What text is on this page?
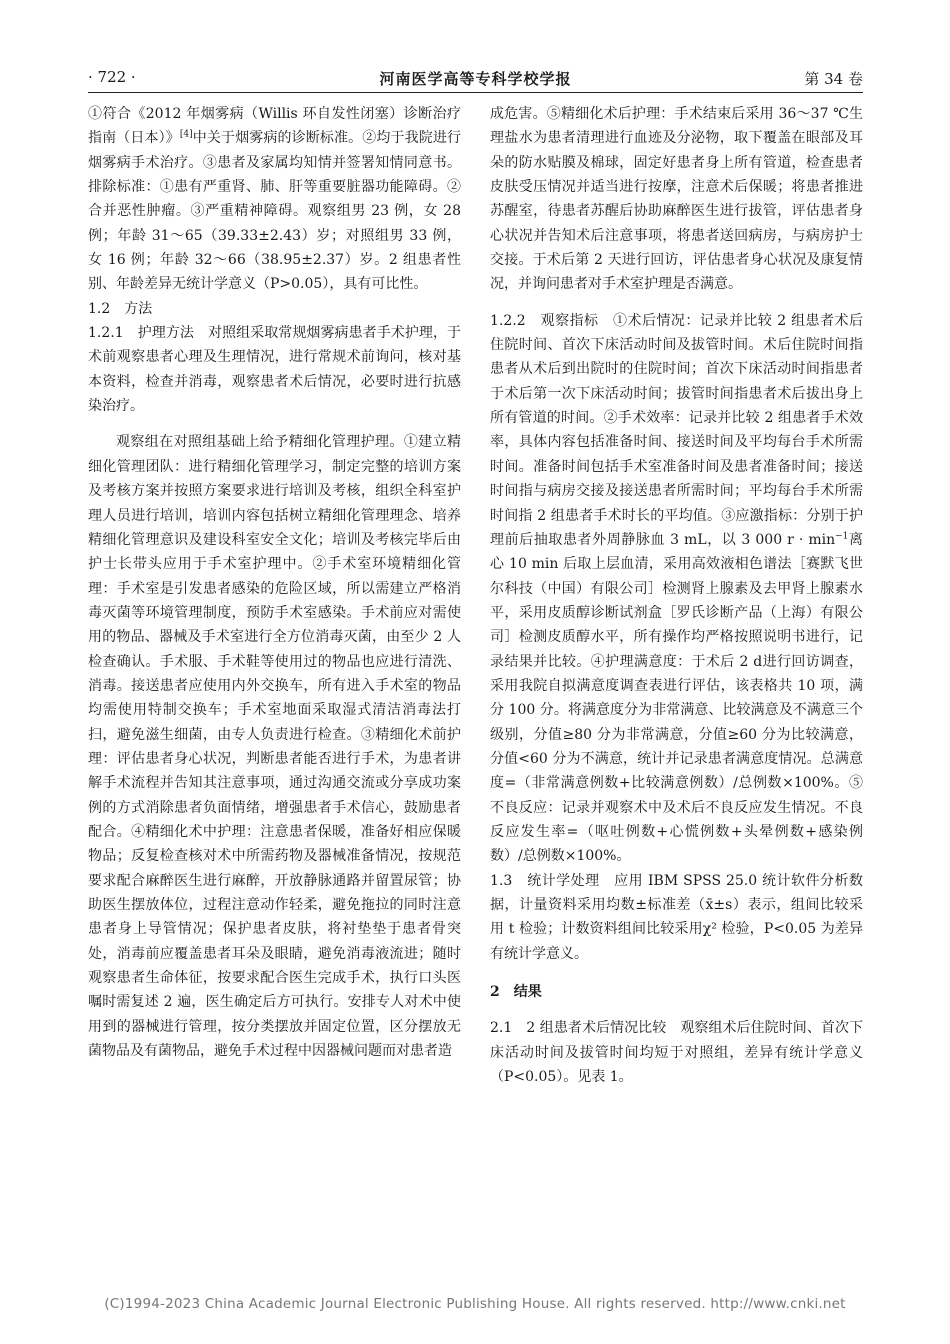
· 722 ·	河南医学高等专科学校学报	第 34 卷

①符合《2012 年烟雾病（Willis 环自发性闭塞）诊断治疗指南（日本）》[4]中关于烟雾病的诊断标准。②均于我院进行烟雾病手术治疗。③患者及家属均知情并签署知情同意书。排除标准：①患有严重肾、肺、肝等重要脏器功能障碍。②合并恶性肿瘤。③严重精神障碍。观察组男 23 例，女 28 例；年龄 31～65（39.33±2.43）岁；对照组男 33 例，女 16 例；年龄 32～66（38.95±2.37）岁。2 组患者性别、年龄差异无统计学意义（P>0.05），具有可比性。

1.2　方法

1.2.1　护理方法　对照组采取常规烟雾病患者手术护理，于术前观察患者心理及生理情况，进行常规术前询问，核对基本资料，检查并消毒，观察患者术后情况，必要时进行抗感染治疗。

观察组在对照组基础上给予精细化管理护理。①建立精细化管理团队：进行精细化管理学习，制定完整的培训方案及考核方案并按照方案要求进行培训及考核，组织全科室护理人员进行培训，培训内容包括树立精细化管理理念、培养精细化管理意识及建设科室安全文化；培训及考核完毕后由护士长带头应用于手术室护理中。②手术室环境精细化管理：手术室是引发患者感染的危险区域，所以需建立严格消毒灭菌等环境管理制度，预防手术室感染。手术前应对需使用的物品、器械及手术室进行全方位消毒灭菌，由至少 2 人检查确认。手术服、手术鞋等使用过的物品也应进行清洗、消毒。接送患者应使用内外交换车，所有进入手术室的物品均需使用特制交换车；手术室地面采取湿式清洁消毒法打扫，避免滋生细菌，由专人负责进行检查。③精细化术前护理：评估患者身心状况，判断患者能否进行手术，为患者讲解手术流程并告知其注意事项，通过沟通交流或分享成功案例的方式消除患者负面情绪，增强患者手术信心，鼓励患者配合。④精细化术中护理：注意患者保暖，准备好相应保暖物品；反复检查核对术中所需药物及器械准备情况，按规范要求配合麻醉医生进行麻醉，开放静脉通路并留置尿管；协助医生摆放体位，过程注意动作轻柔，避免拖拉的同时注意患者身上导管情况；保护患者皮肤，将衬垫垫于患者骨突处，消毒前应覆盖患者耳朵及眼睛，避免消毒液流进；随时观察患者生命体征，按要求配合医生完成手术，执行口头医嘱时需复述 2 遍，医生确定后方可执行。安排专人对术中使用到的器械进行管理，按分类摆放并固定位置，区分摆放无菌物品及有菌物品，避免手术过程中因器械问题而对患者造

成危害。⑤精细化术后护理：手术结束后采用 36～37 ℃生理盐水为患者清理进行血迹及分泌物，取下覆盖在眼部及耳朵的防水贴膜及棉球，固定好患者身上所有管道，检查患者皮肤受压情况并适当进行按摩，注意术后保暖；将患者推进苏醒室，待患者苏醒后协助麻醉医生进行拔管，评估患者身心状况并告知术后注意事项，将患者送回病房，与病房护士交接。于术后第 2 天进行回访，评估患者身心状况及康复情况，并询问患者对手术室护理是否满意。

1.2.2　观察指标　①术后情况：记录并比较 2 组患者术后住院时间、首次下床活动时间及拔管时间。术后住院时间指患者从术后到出院时的住院时间；首次下床活动时间指患者于术后第一次下床活动时间；拔管时间指患者术后拔出身上所有管道的时间。②手术效率：记录并比较 2 组患者手术效率，具体内容包括准备时间、接送时间及平均每台手术所需时间。准备时间包括手术室准备时间及患者准备时间；接送时间指与病房交接及接送患者所需时间；平均每台手术所需时间指 2 组患者手术时长的平均值。③应激指标：分别于护理前后抽取患者外周静脉血 3 mL，以 3 000 $r \cdot \min^{-1}$离心 10 min 后取上层血清，采用高效液相色谱法［赛默飞世尔科技（中国）有限公司］检测肾上腺素及去甲肾上腺素水平，采用皮质醇诊断试剂盒［罗氏诊断产品（上海）有限公司］检测皮质醇水平，所有操作均严格按照说明书进行，记录结果并比较。④护理满意度：于术后 2 d进行回访调查，采用我院自拟满意度调查表进行评估，该表格共 10 项，满分 100 分。将满意度分为非常满意、比较满意及不满意三个级别，分值≥80 分为非常满意，分值≥60 分为比较满意，分值<60 分为不满意，统计并记录患者满意度情况。总满意度=（非常满意例数+比较满意例数）/总例数×100%。⑤不良反应：记录并观察术中及术后不良反应发生情况。不良反应发生率=（呕吐例数+心慌例数+头晕例数+感染例数）/总例数×100%。

1.3　统计学处理　应用 IBM SPSS 25.0 统计软件分析数据，计量资料采用均数±标准差（x̄±s）表示，组间比较采用 t 检验；计数资料组间比较采用χ² 检验，P<0.05 为差异有统计学意义。

2　结果

2.1　2 组患者术后情况比较　观察组术后住院时间、首次下床活动时间及拔管时间均短于对照组，差异有统计学意义（P<0.05）。见表 1。

(C)1994-2023 China Academic Journal Electronic Publishing House. All rights reserved. http://www.cnki.net
